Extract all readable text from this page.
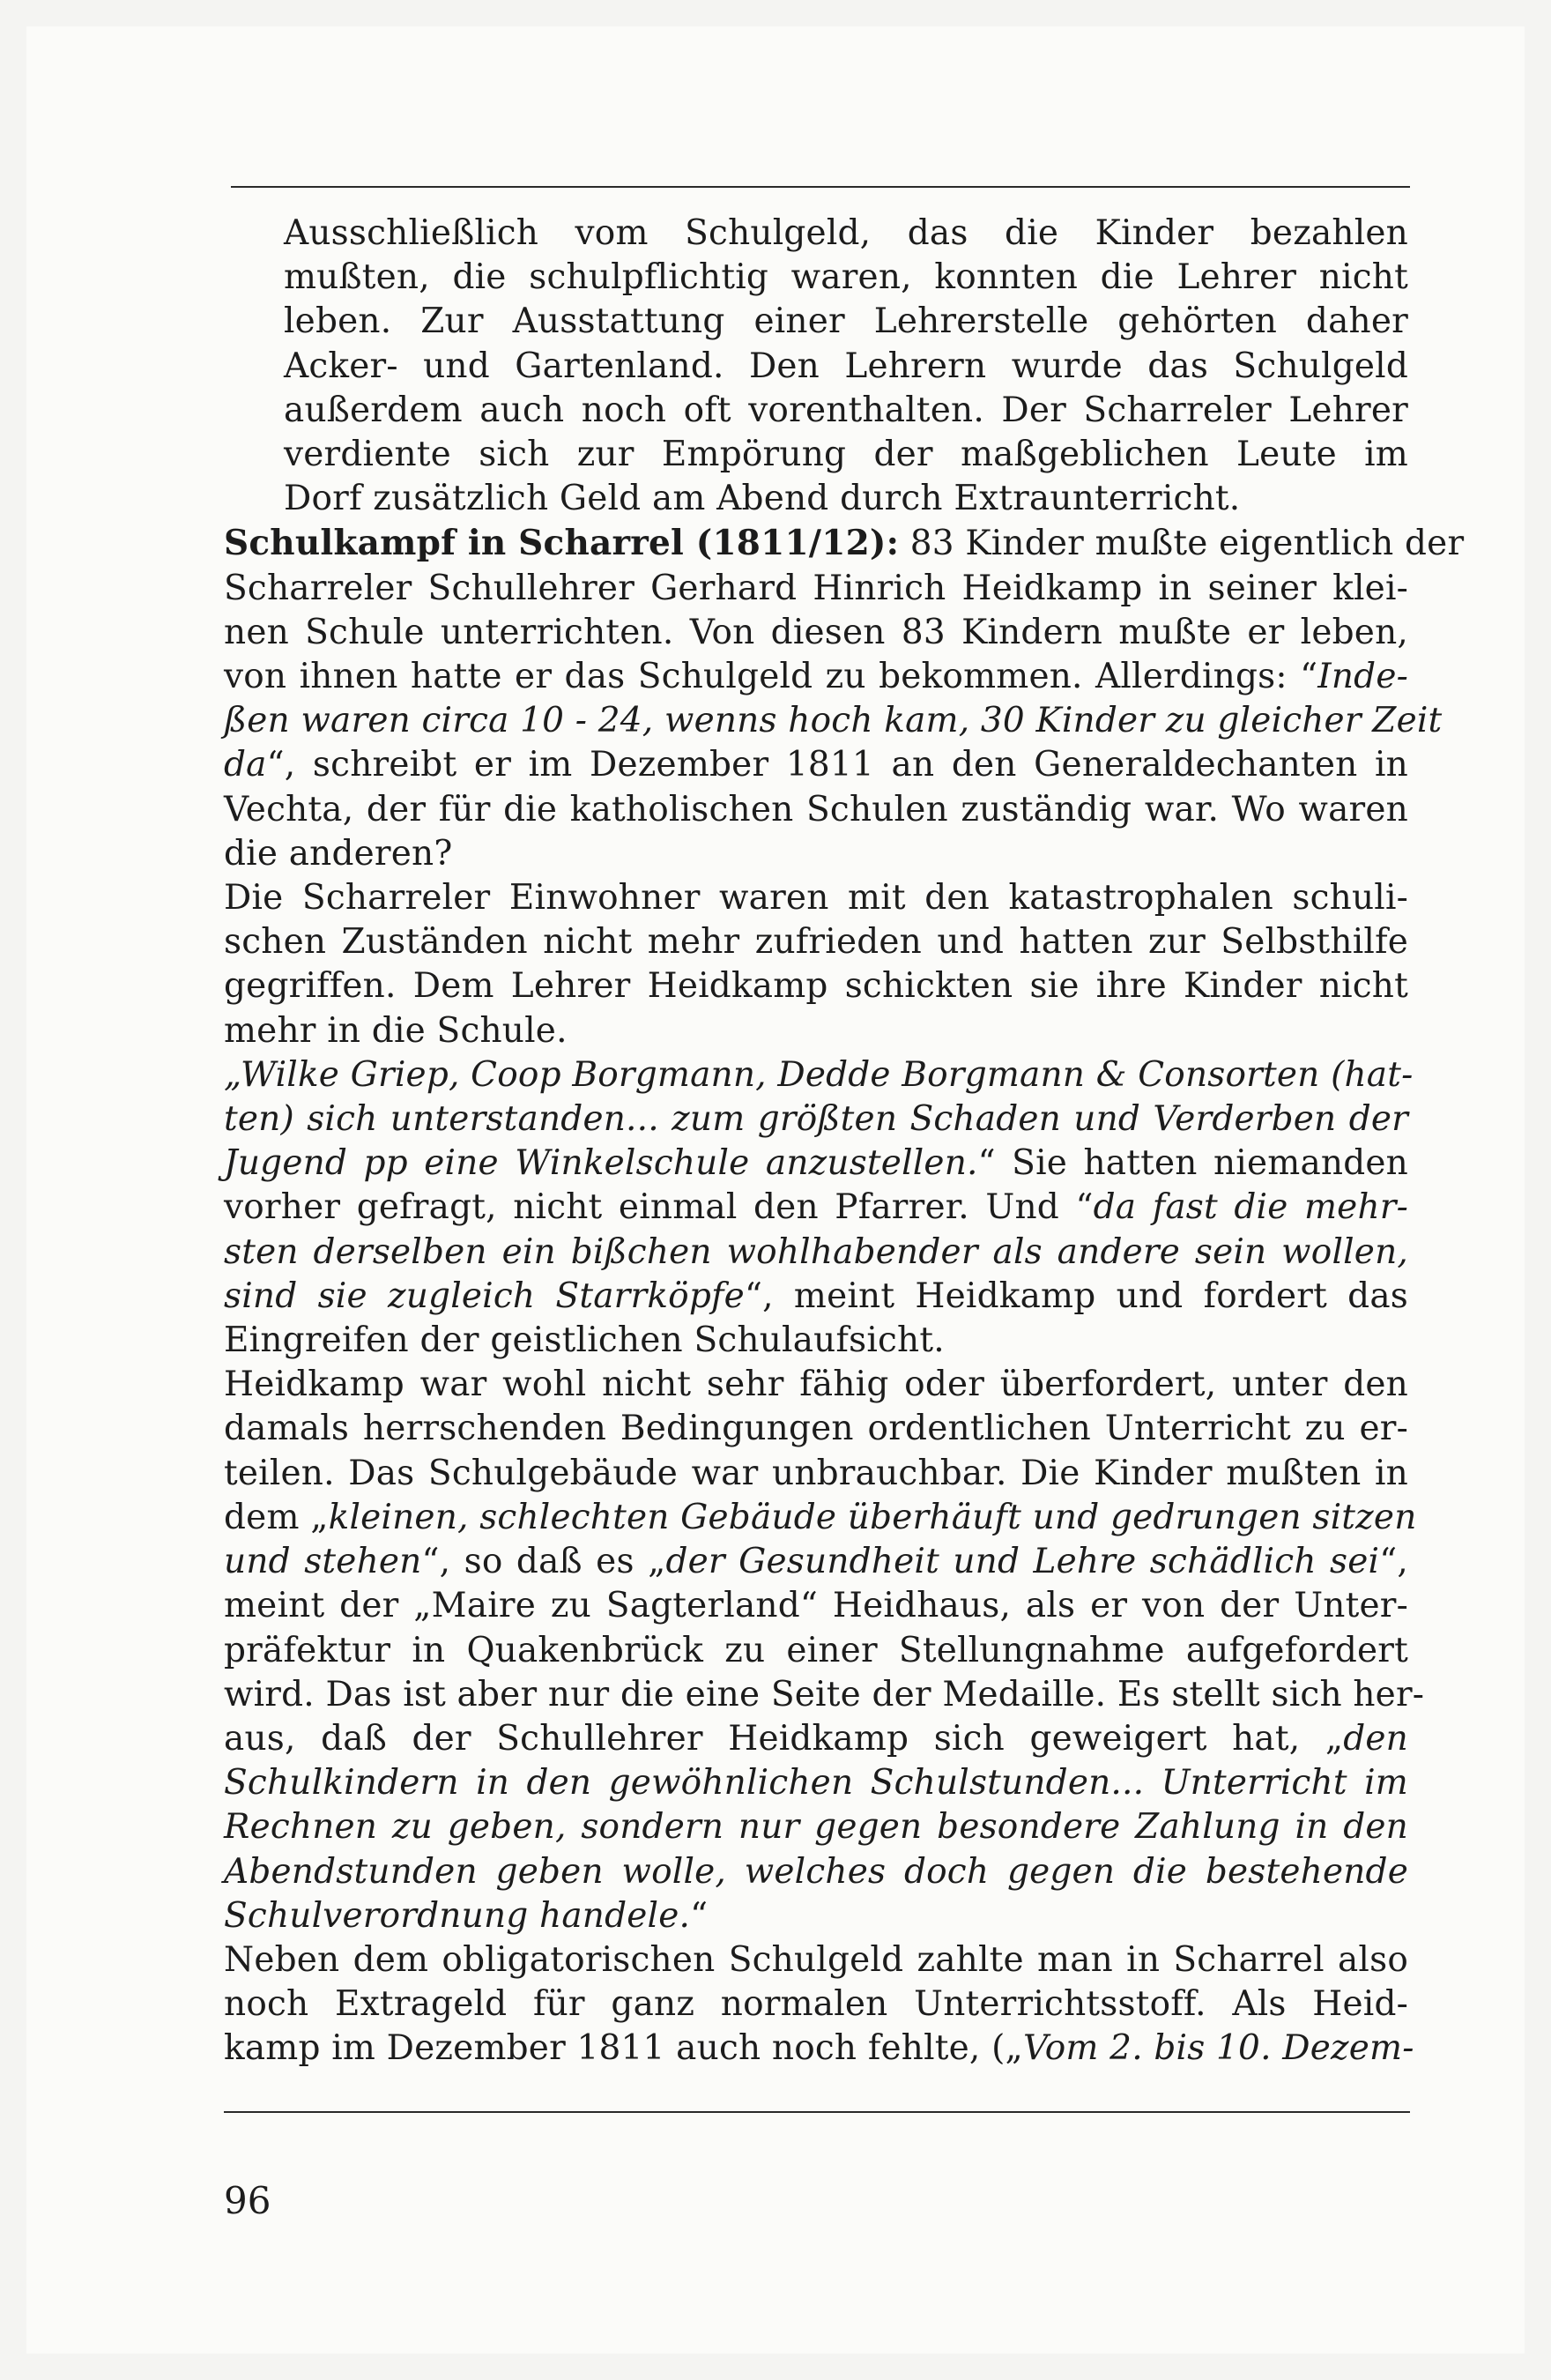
Ausschließlich vom Schulgeld, das die Kinder bezahlen
mußten, die schulpflichtig waren, konnten die Lehrer nicht
leben. Zur Ausstattung einer Lehrerstelle gehörten daher
Acker- und Gartenland. Den Lehrern wurde das Schulgeld
außerdem auch noch oft vorenthalten. Der Scharreler Lehrer
verdiente sich zur Empörung der maßgeblichen Leute im
Dorf zusätzlich Geld am Abend durch Extraunterricht.
Schulkampf in Scharrel (1811/12): 83 Kinder mußte eigentlich der
Scharreler Schullehrer Gerhard Hinrich Heidkamp in seiner klei-
nen Schule unterrichten. Von diesen 83 Kindern mußte er leben,
von ihnen hatte er das Schulgeld zu bekommen. Allerdings: “Inde-
ßen waren circa 10 - 24, wenns hoch kam, 30 Kinder zu gleicher Zeit
da“, schreibt er im Dezember 1811 an den Generaldechanten in
Vechta, der für die katholischen Schulen zuständig war. Wo waren
die anderen?
Die Scharreler Einwohner waren mit den katastrophalen schuli-
schen Zuständen nicht mehr zufrieden und hatten zur Selbsthilfe
gegriffen. Dem Lehrer Heidkamp schickten sie ihre Kinder nicht
mehr in die Schule.
„Wilke Griep, Coop Borgmann, Dedde Borgmann & Consorten (hat-
ten) sich unterstanden... zum größten Schaden und Verderben der
Jugend pp eine Winkelschule anzustellen.“ Sie hatten niemanden
vorher gefragt, nicht einmal den Pfarrer. Und “da fast die mehr-
sten derselben ein bißchen wohlhabender als andere sein wollen,
sind sie zugleich Starrköpfe“, meint Heidkamp und fordert das
Eingreifen der geistlichen Schulaufsicht.
Heidkamp war wohl nicht sehr fähig oder überfordert, unter den
damals herrschenden Bedingungen ordentlichen Unterricht zu er-
teilen. Das Schulgebäude war unbrauchbar. Die Kinder mußten in
dem „kleinen, schlechten Gebäude überhäuft und gedrungen sitzen
und stehen“, so daß es „der Gesundheit und Lehre schädlich sei“,
meint der „Maire zu Sagterland“ Heidhaus, als er von der Unter-
präfektur in Quakenbrück zu einer Stellungnahme aufgefordert
wird. Das ist aber nur die eine Seite der Medaille. Es stellt sich her-
aus, daß der Schullehrer Heidkamp sich geweigert hat, „den
Schulkindern in den gewöhnlichen Schulstunden... Unterricht im
Rechnen zu geben, sondern nur gegen besondere Zahlung in den
Abendstunden geben wolle, welches doch gegen die bestehende
Schulverordnung handele.“
Neben dem obligatorischen Schulgeld zahlte man in Scharrel also
noch Extrageld für ganz normalen Unterrichtsstoff. Als Heid-
kamp im Dezember 1811 auch noch fehlte, („Vom 2. bis 10. Dezem-
96
